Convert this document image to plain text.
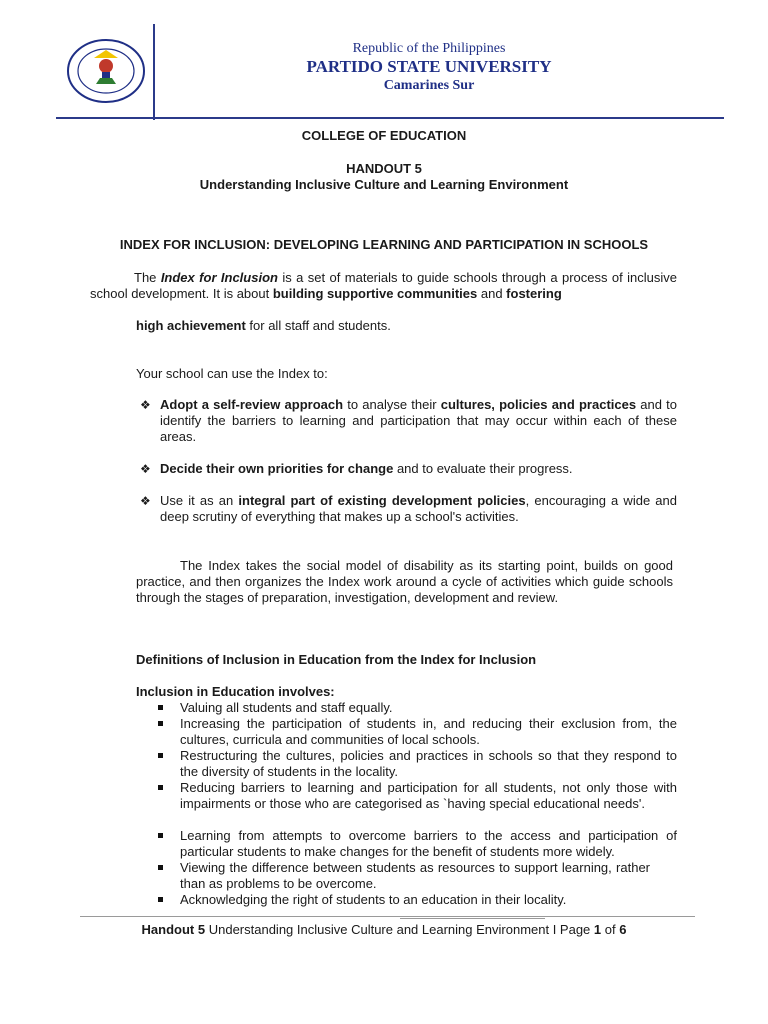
Republic of the Philippines
PARTIDO STATE UNIVERSITY
Camarines Sur
COLLEGE OF EDUCATION
HANDOUT 5
Understanding Inclusive Culture and Learning Environment
INDEX FOR INCLUSION: DEVELOPING LEARNING AND PARTICIPATION IN SCHOOLS
The Index for Inclusion is a set of materials to guide schools through a process of inclusive school development. It is about building supportive communities and fostering
high achievement for all staff and students.
Your school can use the Index to:
❖ Adopt a self-review approach to analyse their cultures, policies and practices and to identify the barriers to learning and participation that may occur within each of these areas.
❖ Decide their own priorities for change and to evaluate their progress.
❖ Use it as an integral part of existing development policies, encouraging a wide and deep scrutiny of everything that makes up a school's activities.
The Index takes the social model of disability as its starting point, builds on good practice, and then organizes the Index work around a cycle of activities which guide schools through the stages of preparation, investigation, development and review.
Definitions of Inclusion in Education from the Index for Inclusion
Inclusion in Education involves:
Valuing all students and staff equally.
Increasing the participation of students in, and reducing their exclusion from, the cultures, curricula and communities of local schools.
Restructuring the cultures, policies and practices in schools so that they respond to the diversity of students in the locality.
Reducing barriers to learning and participation for all students, not only those with impairments or those who are categorised as `having special educational needs'.
Learning from attempts to overcome barriers to the access and participation of particular students to make changes for the benefit of students more widely.
Viewing the difference between students as resources to support learning, rather than as problems to be overcome.
Acknowledging the right of students to an education in their locality.
Handout 5 Understanding Inclusive Culture and Learning Environment I Page 1 of 6
